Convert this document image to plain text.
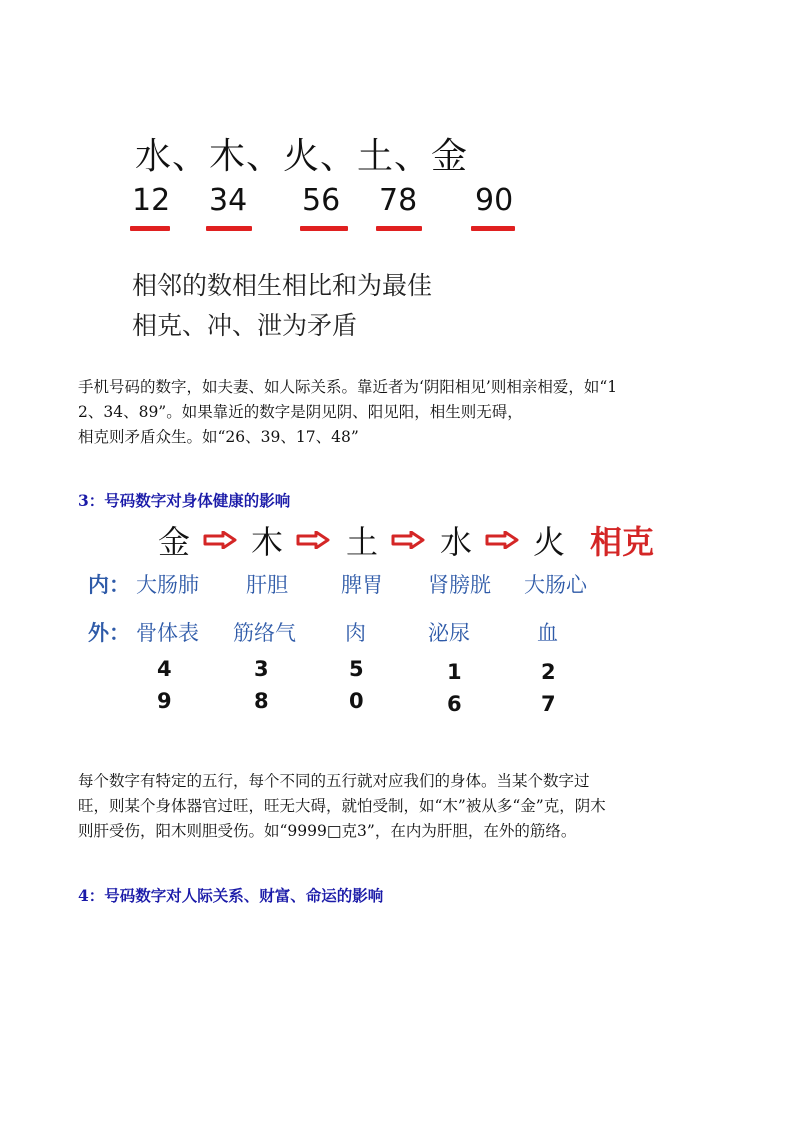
水、木、火、土、金
12 34 56 78 90
相邻的数相生相比和为最佳
相克、冲、泄为矛盾
手机号码的数字，如夫妻、如人际关系。靠近者为‘阴阳相见’则相亲相爱，如“1
2、34、89”。如果靠近的数字是阴见阴、阳见阳，相生则无碍，
相克则矛盾众生。如“26、39、17、48”
3：号码数字对身体健康的影响
金 木 土 水 火 相克
内： 大肠肺 肝胆	脾胃 肾膀胱 大肠心
外： 骨体表 筋络气 肉	泌尿	血
4	3	5	1	2
9	8	0	6	7
每个数字有特定的五行，每个不同的五行就对应我们的身体。当某个数字过
旺，则某个身体器官过旺，旺无大碍，就怕受制，如“木”被从多“金”克，阴木
则肝受伤，阳木则胆受伤。如“9999□克3”，在内为肝胆，在外的筋络。
4：号码数字对人际关系、财富、命运的影响
